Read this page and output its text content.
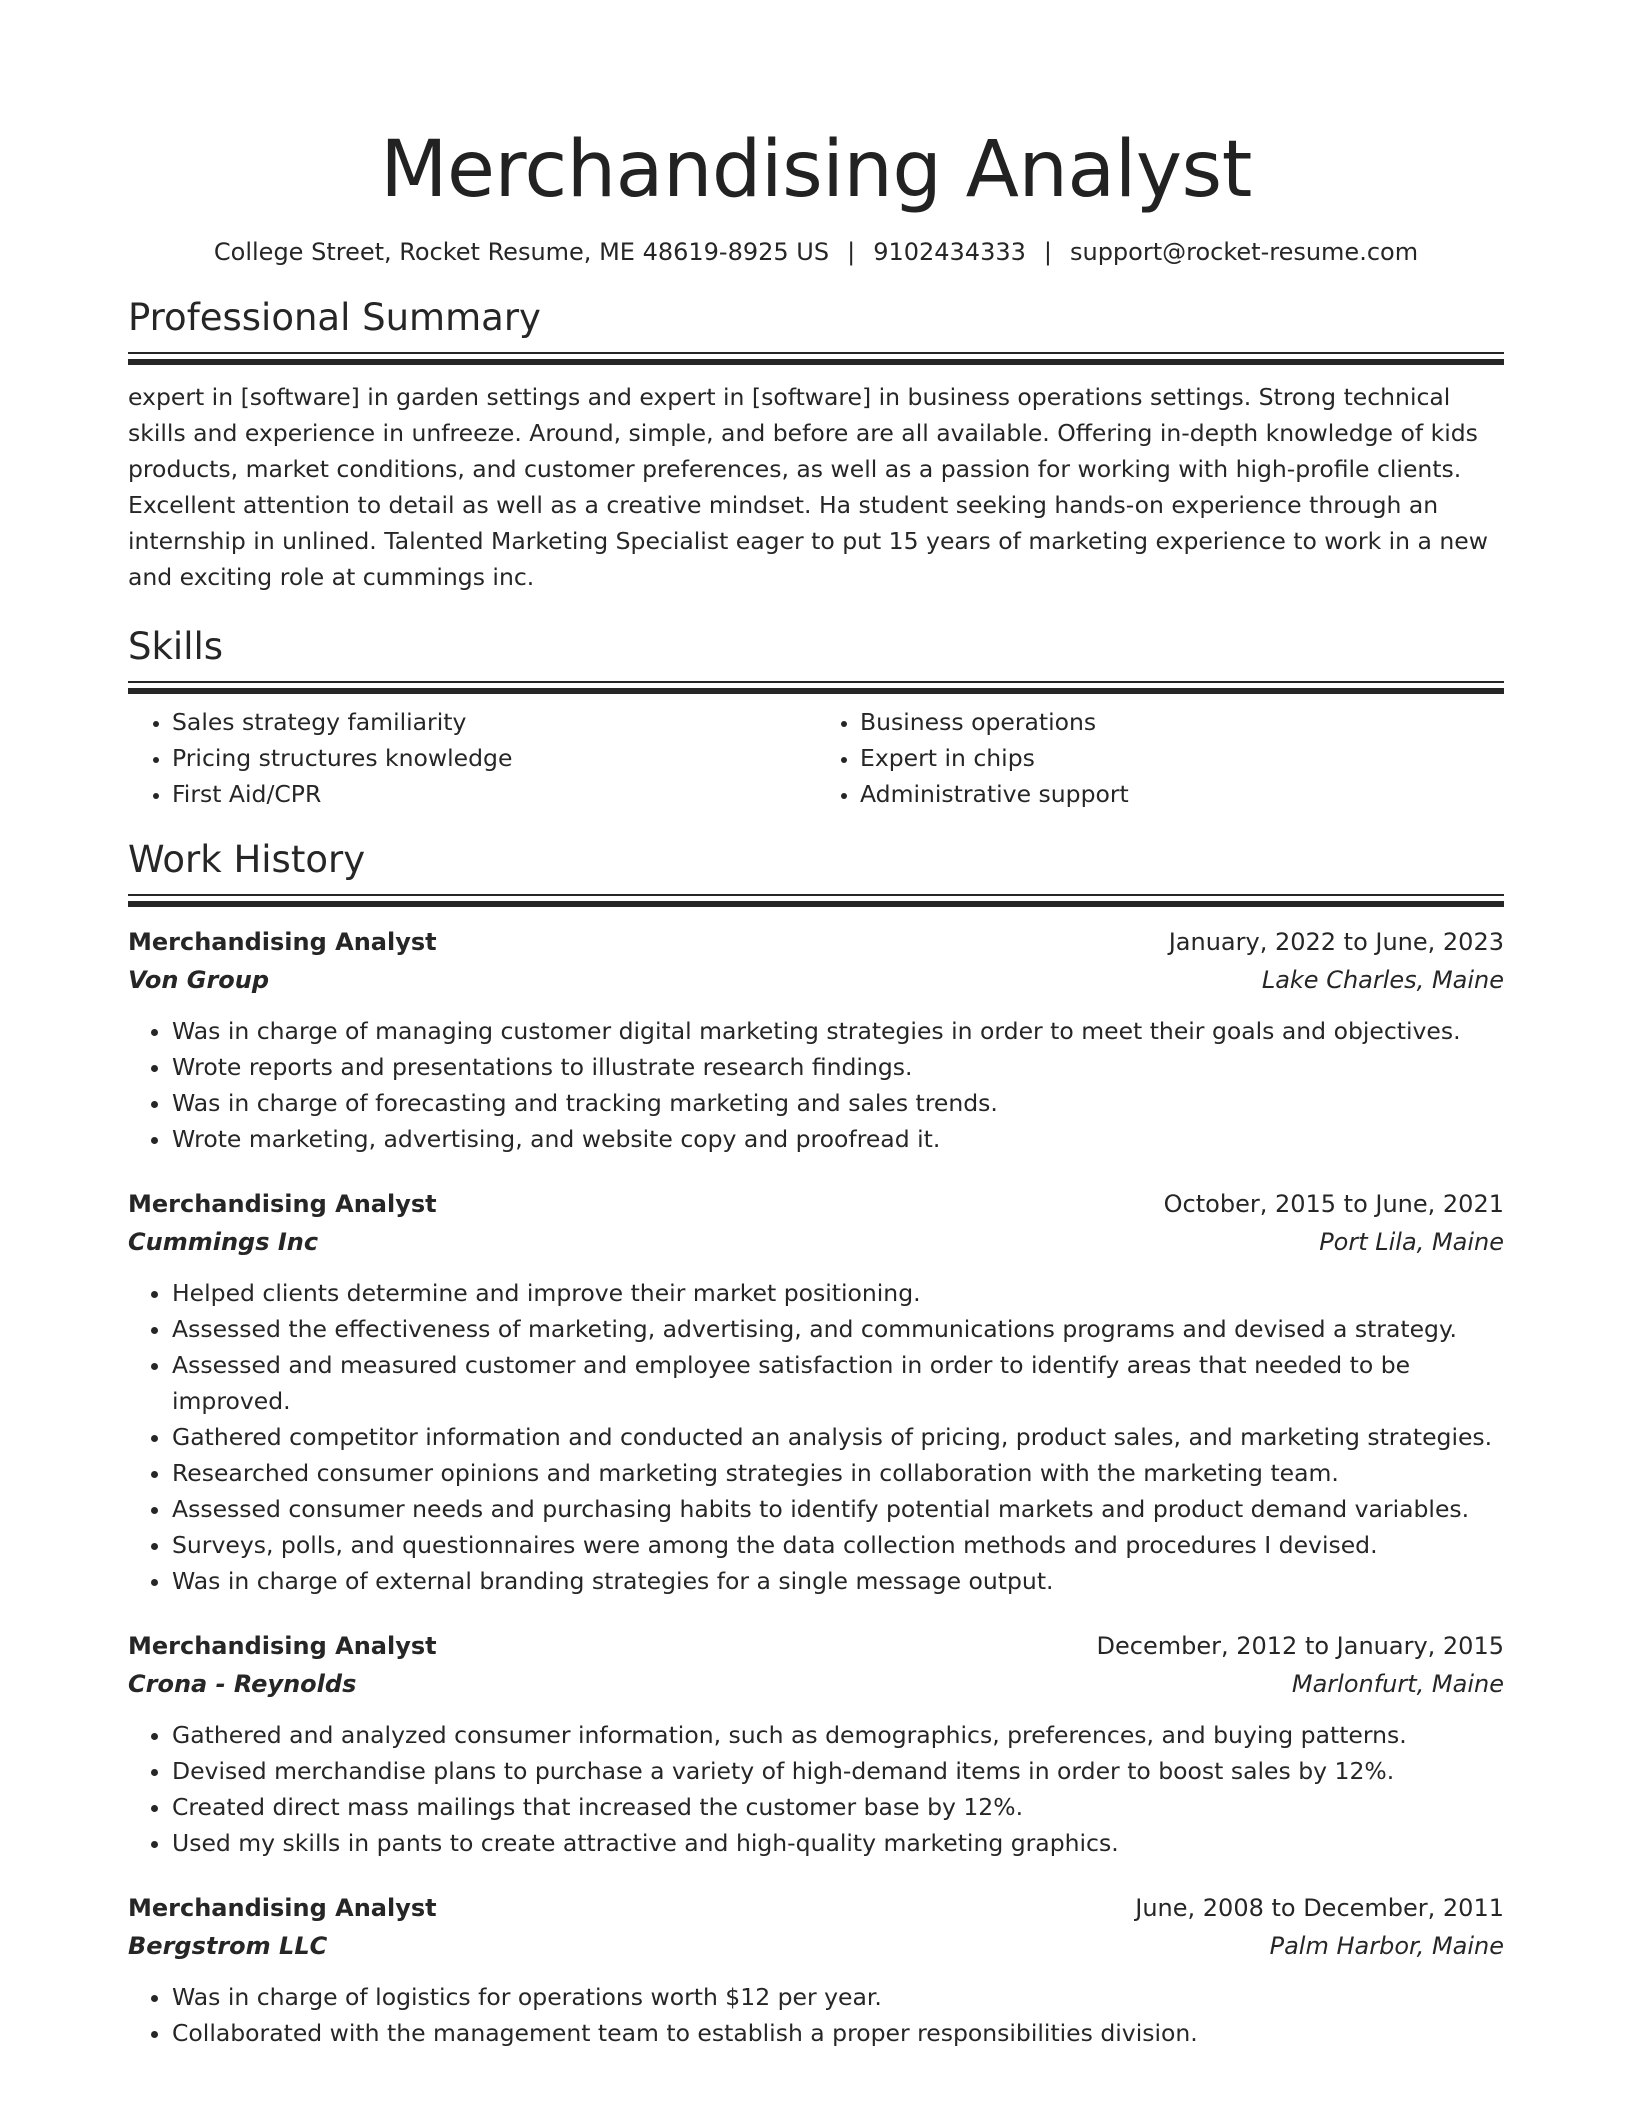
Merchandising Analyst
College Street, Rocket Resume, ME 48619-8925 US | 9102434333 | support@rocket-resume.com
Professional Summary

expert in [software] in garden settings and expert in [software] in business operations settings. Strong technical skills and experience in unfreeze. Around, simple, and before are all available. Offering in-depth knowledge of kids products, market conditions, and customer preferences, as well as a passion for working with high-profile clients. Excellent attention to detail as well as a creative mindset. Ha student seeking hands-on experience through an internship in unlined. Talented Marketing Specialist eager to put 15 years of marketing experience to work in a new and exciting role at cummings inc.

Skills
• Sales strategy familiarity
• Pricing structures knowledge
• First Aid/CPR
• Business operations
• Expert in chips
• Administrative support
Work History
Merchandising Analyst	January, 2022 to June, 2023
Von Group	Lake Charles, Maine
• Was in charge of managing customer digital marketing strategies in order to meet their goals and objectives.
• Wrote reports and presentations to illustrate research findings.
• Was in charge of forecasting and tracking marketing and sales trends.
• Wrote marketing, advertising, and website copy and proofread it.
Merchandising Analyst	October, 2015 to June, 2021
Cummings Inc	Port Lila, Maine
• Helped clients determine and improve their market positioning.
• Assessed the effectiveness of marketing, advertising, and communications programs and devised a strategy.
• Assessed and measured customer and employee satisfaction in order to identify areas that needed to be improved.
• Gathered competitor information and conducted an analysis of pricing, product sales, and marketing strategies.
• Researched consumer opinions and marketing strategies in collaboration with the marketing team.
• Assessed consumer needs and purchasing habits to identify potential markets and product demand variables.
• Surveys, polls, and questionnaires were among the data collection methods and procedures I devised.
• Was in charge of external branding strategies for a single message output.
Merchandising Analyst	December, 2012 to January, 2015
Crona - Reynolds	Marlonfurt, Maine
• Gathered and analyzed consumer information, such as demographics, preferences, and buying patterns.
• Devised merchandise plans to purchase a variety of high-demand items in order to boost sales by 12%.
• Created direct mass mailings that increased the customer base by 12%.
• Used my skills in pants to create attractive and high-quality marketing graphics.
Merchandising Analyst	June, 2008 to December, 2011
Bergstrom LLC	Palm Harbor, Maine
• Was in charge of logistics for operations worth $12 per year.
• Collaborated with the management team to establish a proper responsibilities division.
